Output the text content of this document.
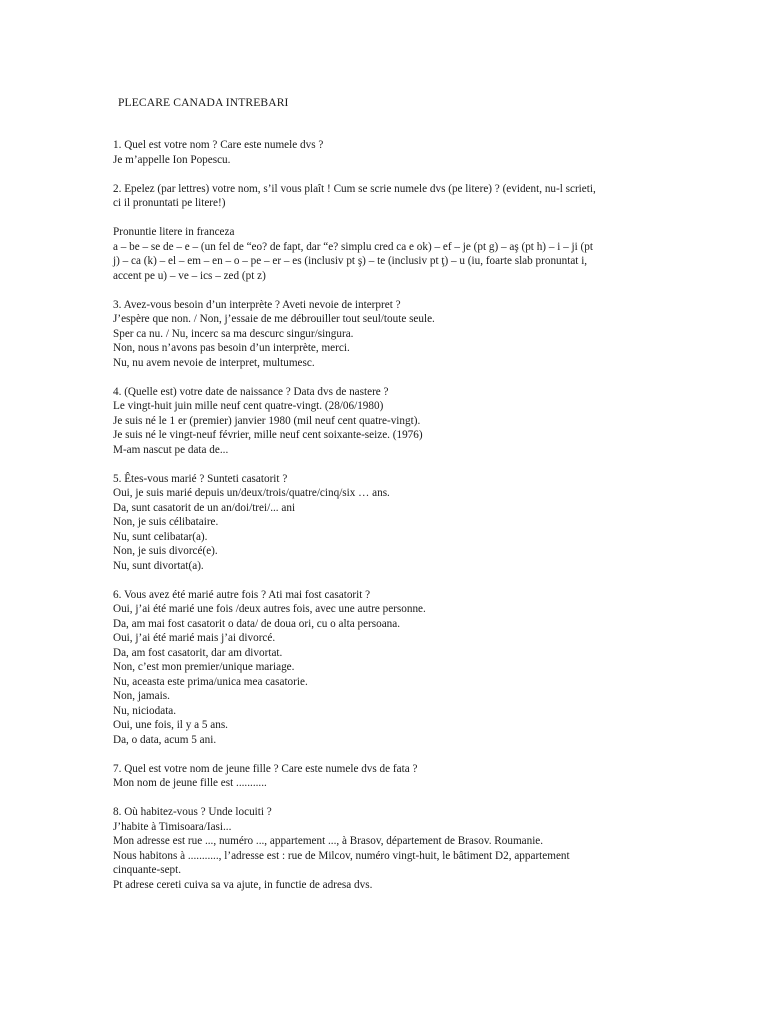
PLECARE CANADA INTREBARI
1. Quel est votre nom ? Care este numele dvs ?
Je m’appelle Ion Popescu.
2. Epelez (par lettres) votre nom, s’il vous plaît ! Cum se scrie numele dvs (pe litere) ? (evident, nu-l scrieti,
ci il pronuntati pe litere!)
Pronuntie litere in franceza
a – be – se de – e – (un fel de “eo? de fapt, dar “e? simplu cred ca e ok) – ef – je (pt g) – aş (pt h) – i – ji (pt
j) – ca (k) – el – em – en – o – pe – er – es (inclusiv pt ş) – te (inclusiv pt ţ) – u (iu, foarte slab pronuntat i,
accent pe u) – ve – ics – zed (pt z)
3. Avez-vous besoin d’un interprète ? Aveti nevoie de interpret ?
J’espère que non. / Non, j’essaie de me débrouiller tout seul/toute seule.
Sper ca nu. / Nu, incerc sa ma descurc singur/singura.
Non, nous n’avons pas besoin d’un interprète, merci.
Nu, nu avem nevoie de interpret, multumesc.
4. (Quelle est) votre date de naissance ? Data dvs de nastere ?
Le vingt-huit juin mille neuf cent quatre-vingt. (28/06/1980)
Je suis né le 1 er (premier) janvier 1980 (mil neuf cent quatre-vingt).
Je suis né le vingt-neuf février, mille neuf cent soixante-seize. (1976)
M-am nascut pe data de...
5. Êtes-vous marié ? Sunteti casatorit ?
Oui, je suis marié depuis un/deux/trois/quatre/cinq/six … ans.
Da, sunt casatorit de un an/doi/trei/... ani
Non, je suis célibataire.
Nu, sunt celibatar(a).
Non, je suis divorcé(e).
Nu, sunt divortat(a).
6. Vous avez été marié autre fois ? Ati mai fost casatorit ?
Oui, j’ai été marié une fois /deux autres fois, avec une autre personne.
Da, am mai fost casatorit o data/ de doua ori, cu o alta persoana.
Oui, j’ai été marié mais j’ai divorcé.
Da, am fost casatorit, dar am divortat.
Non, c’est mon premier/unique mariage.
Nu, aceasta este prima/unica mea casatorie.
Non, jamais.
Nu, niciodata.
Oui, une fois, il y a 5 ans.
Da, o data, acum 5 ani.
7. Quel est votre nom de jeune fille ? Care este numele dvs de fata ?
Mon nom de jeune fille est ...........
8. Où habitez-vous ? Unde locuiti ?
J’habite à Timisoara/Iasi...
Mon adresse est rue ..., numéro ..., appartement ..., à Brasov, département de Brasov. Roumanie.
Nous habitons à ..........., l’adresse est : rue de Milcov, numéro vingt-huit, le bâtiment D2, appartement
cinquante-sept.
Pt adrese cereti cuiva sa va ajute, in functie de adresa dvs.
